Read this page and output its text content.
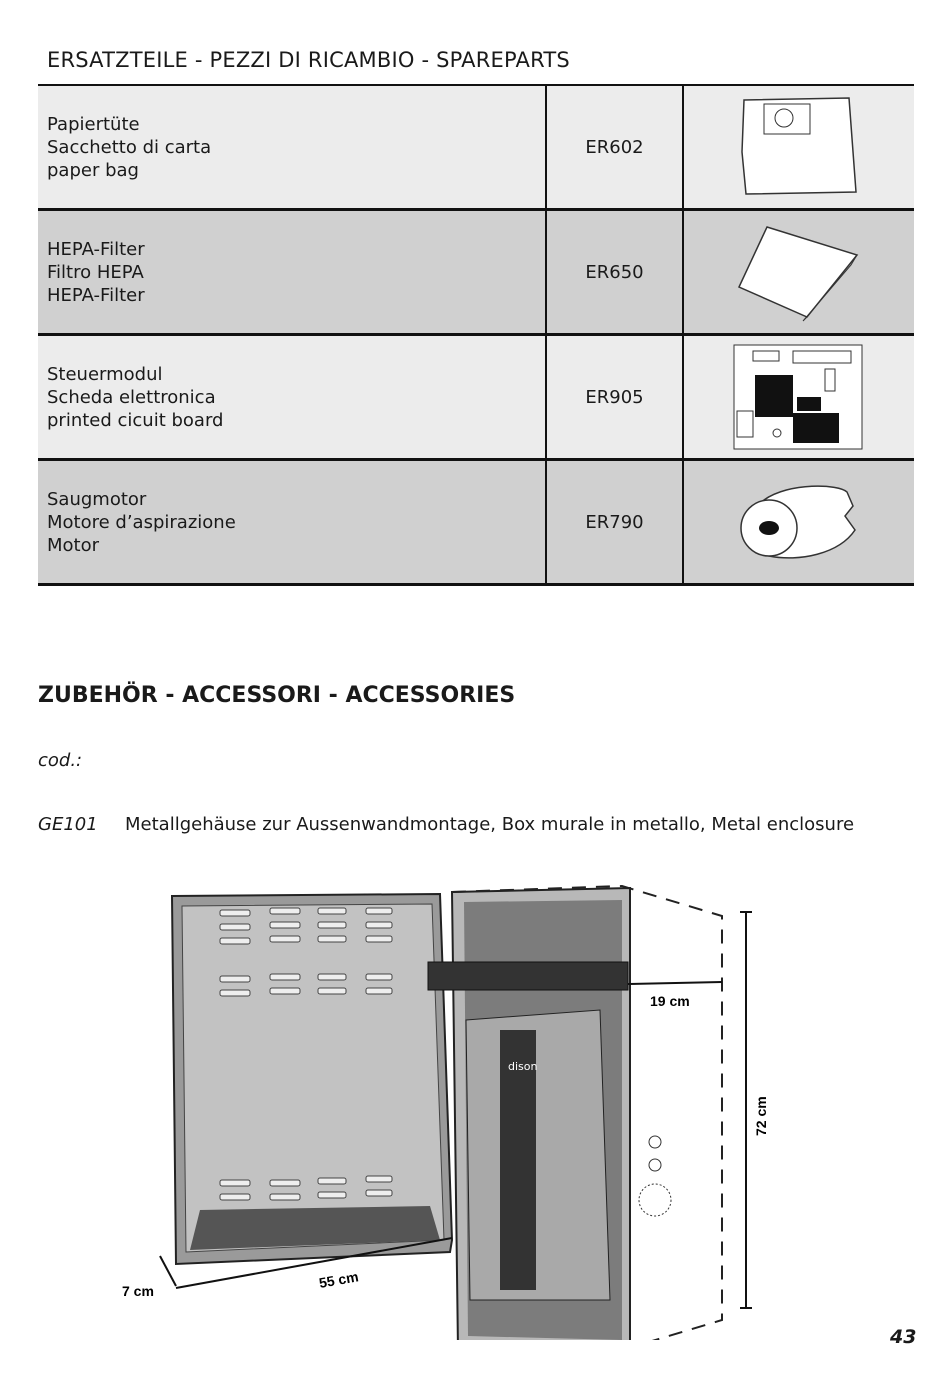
ERSATZTEILE - PEZZI DI RICAMBIO - SPAREPARTS
Papiertüte
Sacchetto di carta
paper bag	ER602	

HEPA-Filter
Filtro HEPA
HEPA-Filter	ER650	

Steuermodul
Scheda elettronica
printed cicuit board	ER905	

Saugmotor
Motore d’aspirazione
Motor	ER790	
ZUBEHÖR - ACCESSORI - ACCESSORIES
cod.:
GE101 Metallgehäuse zur Aussenwandmontage, Box murale in metallo, Metal enclosure
dison
19 cm
72 cm
55 cm
7 cm
43
